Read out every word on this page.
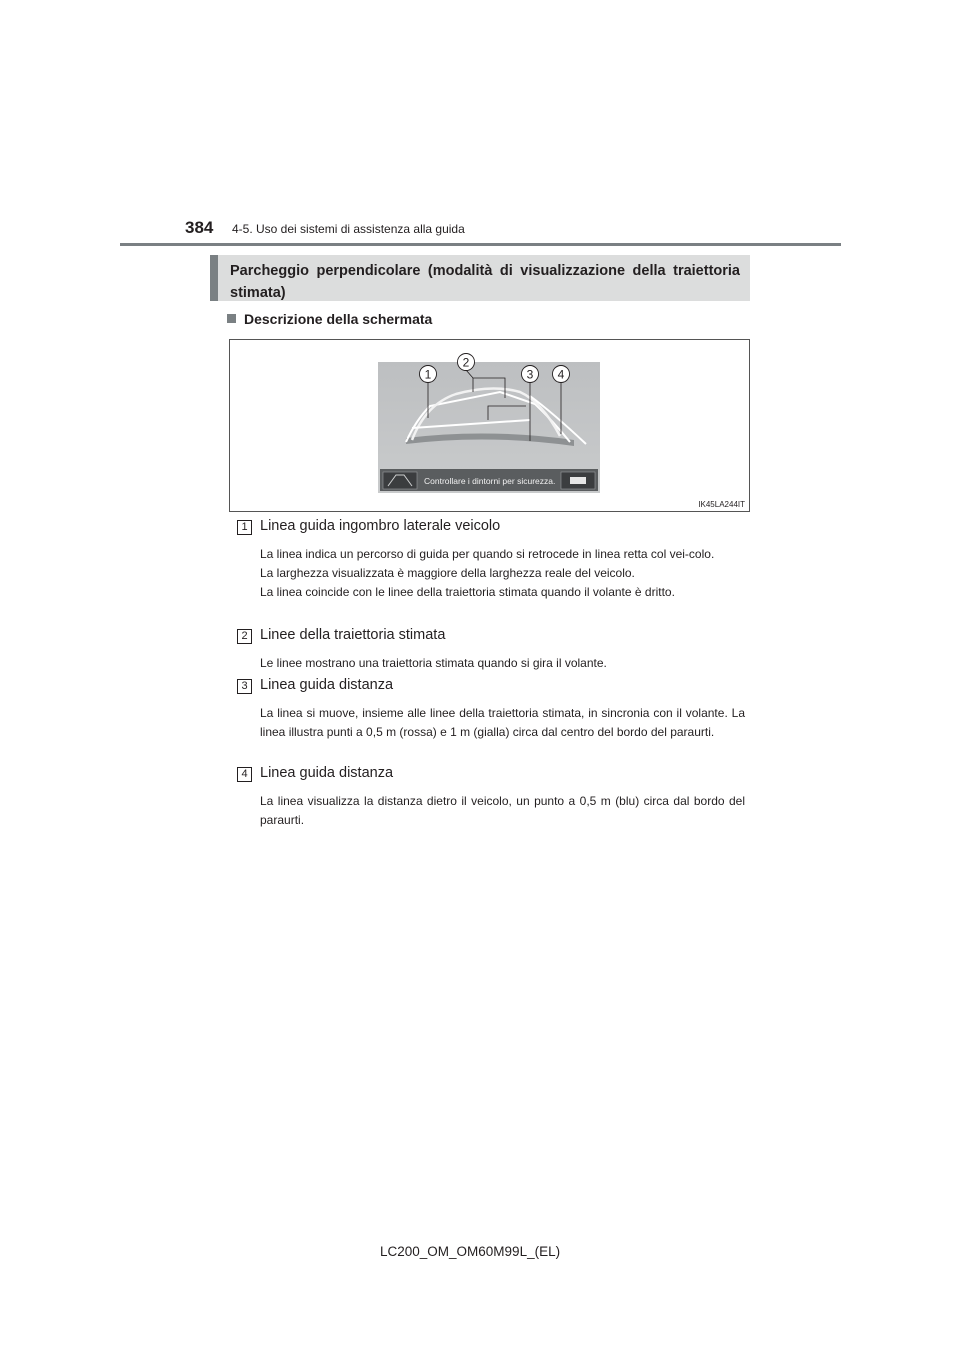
384 4-5. Uso dei sistemi di assistenza alla guida
Parcheggio perpendicolare (modalità di visualizzazione della traiettoria stimata)
Descrizione della schermata
1
2
3 4
Controllare i dintorni per sicurezza.
IK45LA244IT
1 Linea guida ingombro laterale veicolo

La linea indica un percorso di guida per quando si retrocede in linea retta col vei-colo.

La larghezza visualizzata è maggiore della larghezza reale del veicolo.

La linea coincide con le linee della traiettoria stimata quando il volante è dritto.

2 Linee della traiettoria stimata

Le linee mostrano una traiettoria stimata quando si gira il volante.

3 Linea guida distanza

La linea si muove, insieme alle linee della traiettoria stimata, in sincronia con il volante. La linea illustra punti a 0,5 m (rossa) e 1 m (gialla) circa dal centro del bordo del paraurti.

4 Linea guida distanza

La linea visualizza la distanza dietro il veicolo, un punto a 0,5 m (blu) circa dal bordo del paraurti.

LC200_OM_OM60M99L_(EL)
